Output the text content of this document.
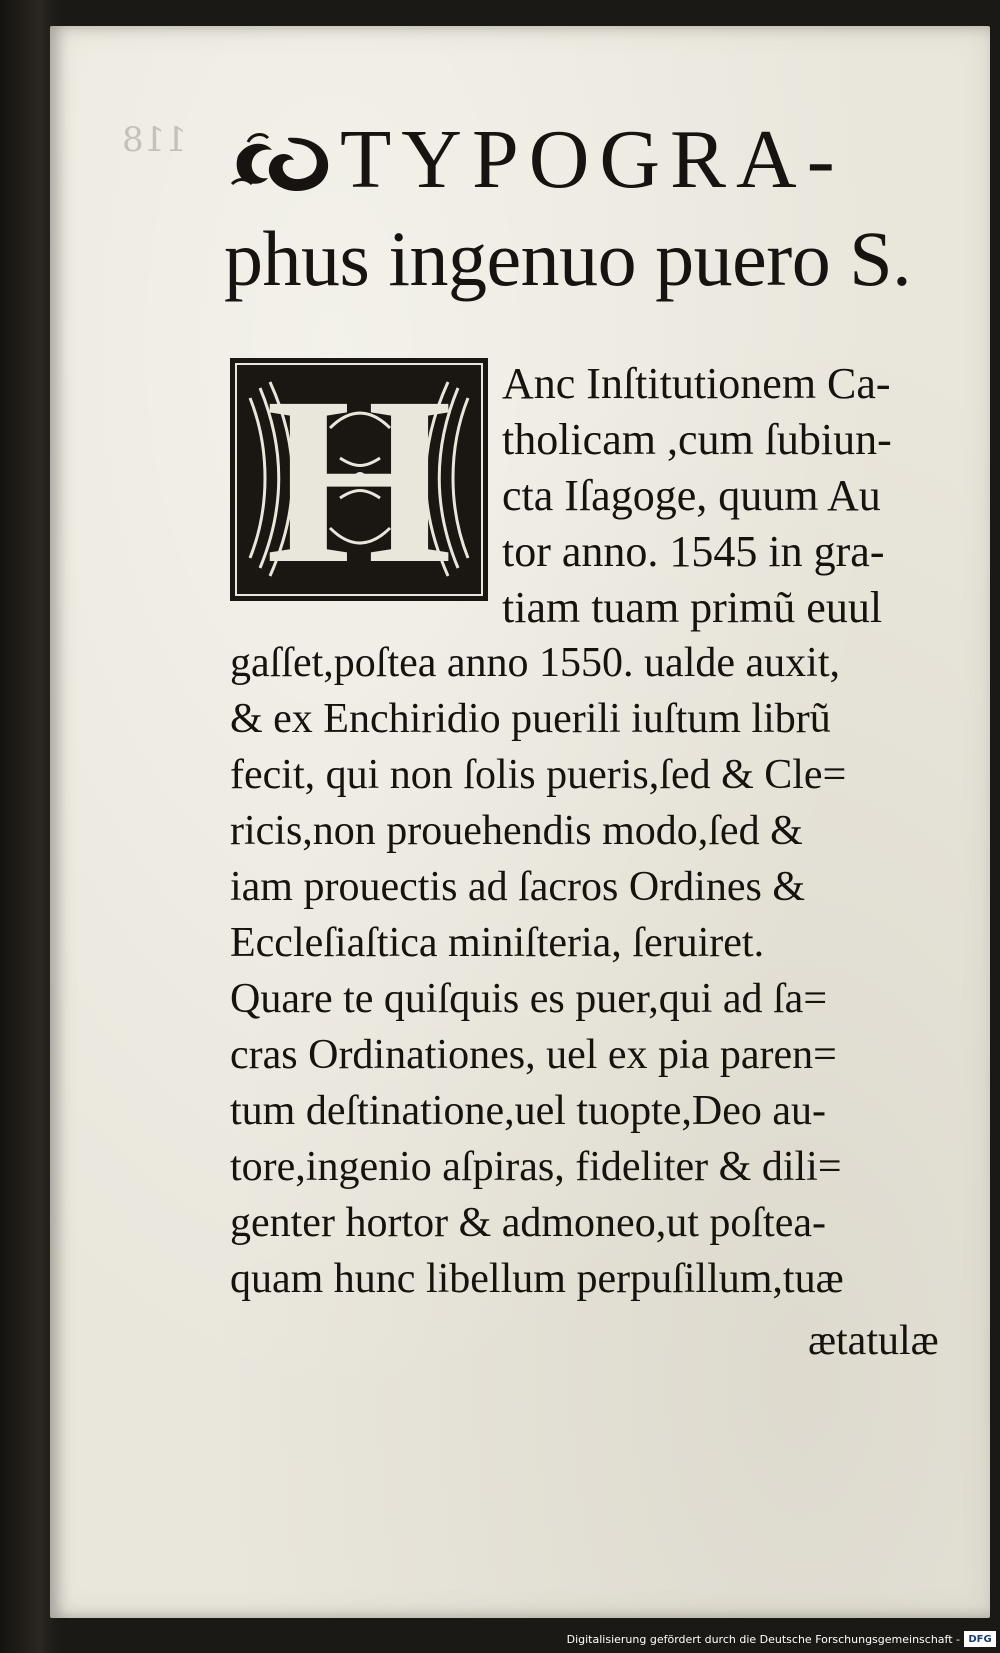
118 TYPOGRA-
phus ingenuo puero S.
H	Anc Inſtitutionem Ca-
tholicam ,cum ſubiun-
cta Iſagoge, quum Au
tor anno. 1545 in gra-
tiam tuam primũ euul
gaſſet,poſtea anno 1550. ualde auxit,
& ex Enchiridio puerili iuſtum librũ
fecit, qui non ſolis pueris,ſed & Cle=
ricis,non prouehendis modo,ſed &
iam prouectis ad ſacros Ordines &
Eccleſiaſtica miniſteria, ſeruiret.
Quare te quiſquis es puer,qui ad ſa=
cras Ordinationes, uel ex pia paren=
tum deſtinatione,uel tuopte,Deo au-
tore,ingenio aſpiras, fideliter & dili=
genter hortor & admoneo,ut poſtea-
quam hunc libellum perpuſillum,tuæ
ætatulæ
Digitalisierung gefördert durch die Deutsche Forschungsgemeinschaft - DFG
